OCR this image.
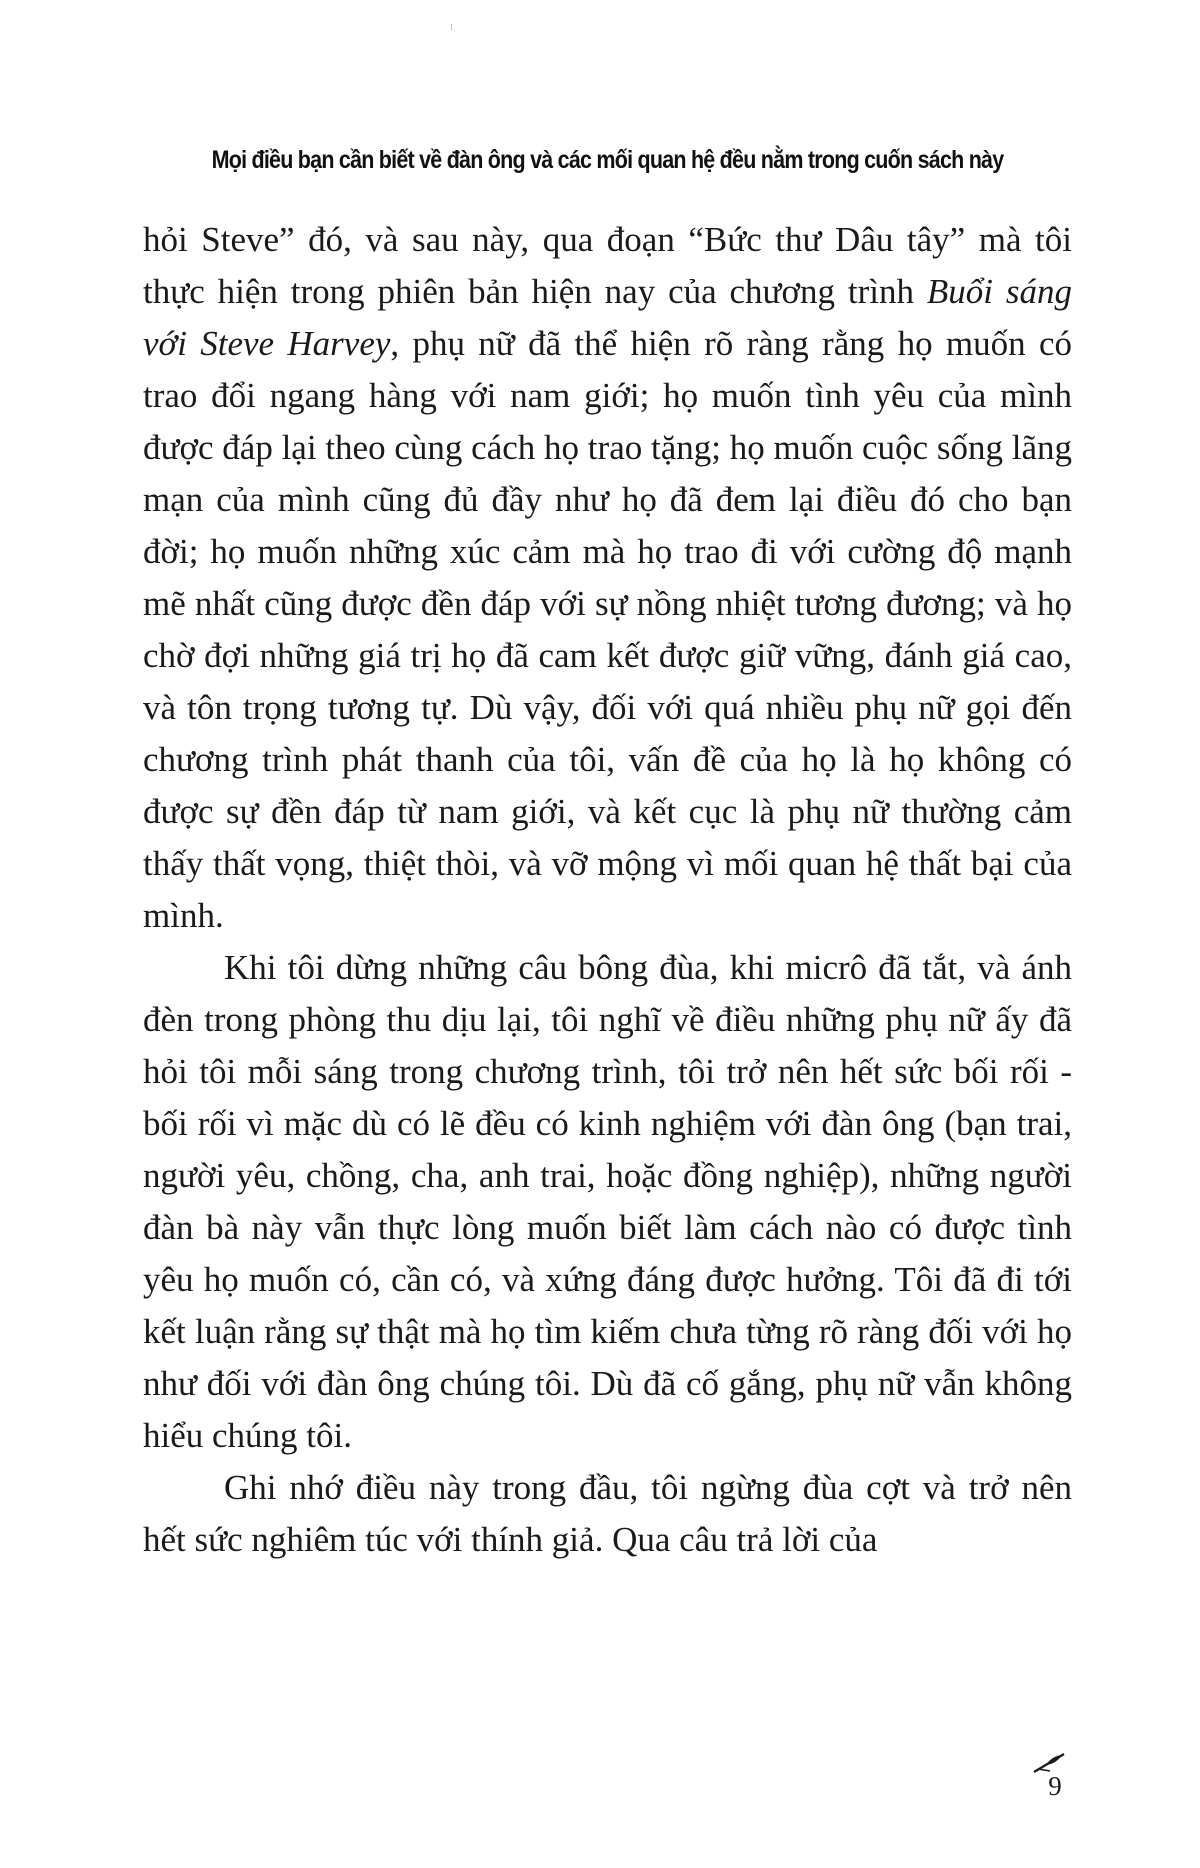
Mọi điều bạn cần biết về đàn ông và các mối quan hệ đều nằm trong cuốn sách này

hỏi Steve” đó, và sau này, qua đoạn “Bức thư Dâu tây” mà tôi thực hiện trong phiên bản hiện nay của chương trình Buổi sáng với Steve Harvey, phụ nữ đã thể hiện rõ ràng rằng họ muốn có trao đổi ngang hàng với nam giới; họ muốn tình yêu của mình được đáp lại theo cùng cách họ trao tặng; họ muốn cuộc sống lãng mạn của mình cũng đủ đầy như họ đã đem lại điều đó cho bạn đời; họ muốn những xúc cảm mà họ trao đi với cường độ mạnh mẽ nhất cũng được đền đáp với sự nồng nhiệt tương đương; và họ chờ đợi những giá trị họ đã cam kết được giữ vững, đánh giá cao, và tôn trọng tương tự. Dù vậy, đối với quá nhiều phụ nữ gọi đến chương trình phát thanh của tôi, vấn đề của họ là họ không có được sự đền đáp từ nam giới, và kết cục là phụ nữ thường cảm thấy thất vọng, thiệt thòi, và vỡ mộng vì mối quan hệ thất bại của mình.

Khi tôi dừng những câu bông đùa, khi micrô đã tắt, và ánh đèn trong phòng thu dịu lại, tôi nghĩ về điều những phụ nữ ấy đã hỏi tôi mỗi sáng trong chương trình, tôi trở nên hết sức bối rối - bối rối vì mặc dù có lẽ đều có kinh nghiệm với đàn ông (bạn trai, người yêu, chồng, cha, anh trai, hoặc đồng nghiệp), những người đàn bà này vẫn thực lòng muốn biết làm cách nào có được tình yêu họ muốn có, cần có, và xứng đáng được hưởng. Tôi đã đi tới kết luận rằng sự thật mà họ tìm kiếm chưa từng rõ ràng đối với họ như đối với đàn ông chúng tôi. Dù đã cố gắng, phụ nữ vẫn không hiểu chúng tôi.

Ghi nhớ điều này trong đầu, tôi ngừng đùa cợt và trở nên hết sức nghiêm túc với thính giả. Qua câu trả lời của

9
